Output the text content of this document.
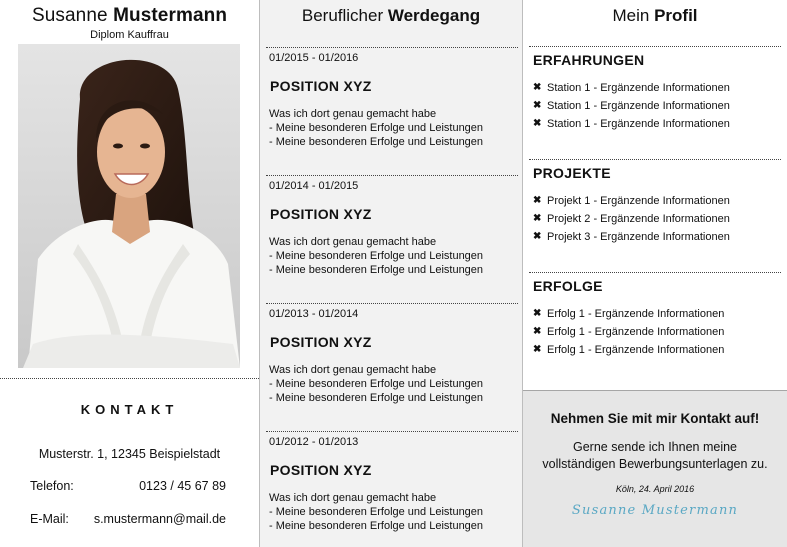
Susanne Mustermann
Diplom Kauffrau
KONTAKT
Musterstr. 1, 12345 Beispielstadt
Telefon:	0123 / 45 67 89
E-Mail: s.mustermann@mail.de
Beruflicher Werdegang
01/2015 - 01/2016
POSITION XYZ
Was ich dort genau gemacht habe
- Meine besonderen Erfolge und Leistungen
- Meine besonderen Erfolge und Leistungen
01/2014 - 01/2015
POSITION XYZ
Was ich dort genau gemacht habe
- Meine besonderen Erfolge und Leistungen
- Meine besonderen Erfolge und Leistungen
01/2013 - 01/2014
POSITION XYZ
Was ich dort genau gemacht habe
- Meine besonderen Erfolge und Leistungen
- Meine besonderen Erfolge und Leistungen
01/2012 - 01/2013
POSITION XYZ
Was ich dort genau gemacht habe
- Meine besonderen Erfolge und Leistungen
- Meine besonderen Erfolge und Leistungen
Mein Profil
ERFAHRUNGEN
✖ Station 1 - Ergänzende Informationen
✖ Station 1 - Ergänzende Informationen
✖ Station 1 - Ergänzende Informationen
PROJEKTE
✖ Projekt 1 - Ergänzende Informationen
✖ Projekt 2 - Ergänzende Informationen
✖ Projekt 3 - Ergänzende Informationen
ERFOLGE
✖ Erfolg 1 - Ergänzende Informationen
✖ Erfolg 1 - Ergänzende Informationen
✖ Erfolg 1 - Ergänzende Informationen
Nehmen Sie mit mir Kontakt auf!
Gerne sende ich Ihnen meine
vollständigen Bewerbungsunterlagen zu.
Köln, 24. April 2016
Susanne Mustermann
